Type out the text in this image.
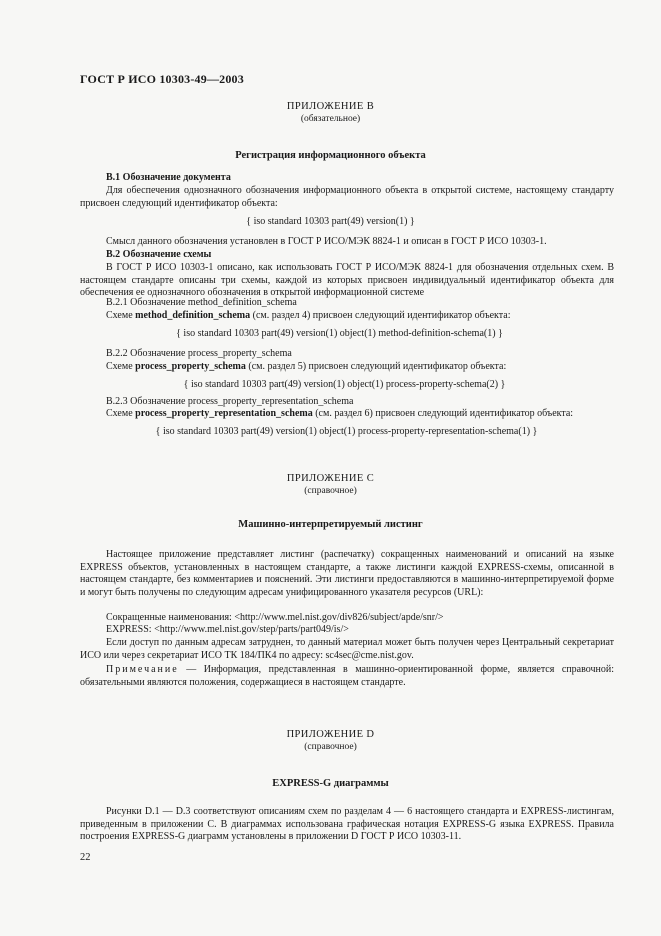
ГОСТ Р ИСО 10303-49—2003
ПРИЛОЖЕНИЕ B
(обязательное)
Регистрация информационного объекта
B.1 Обозначение документа
Для обеспечения однозначного обозначения информационного объекта в открытой системе, настоящему стандарту присвоен следующий идентификатор объекта:
{ iso standard 10303 part(49) version(1) }
Смысл данного обозначения установлен в ГОСТ Р ИСО/МЭК 8824-1 и описан в ГОСТ Р ИСО 10303-1.
B.2 Обозначение схемы
В ГОСТ Р ИСО 10303-1 описано, как использовать ГОСТ Р ИСО/МЭК 8824-1 для обозначения отдельных схем. В настоящем стандарте описаны три схемы, каждой из которых присвоен индивидуальный идентификатор объекта для обеспечения ее однозначного обозначения в открытой информационной системе
B.2.1 Обозначение method_definition_schema
Схеме method_definition_schema (см. раздел 4) присвоен следующий идентификатор объекта:
{ iso standard 10303 part(49) version(1) object(1) method-definition-schema(1) }
B.2.2 Обозначение process_property_schema
Схеме process_property_schema (см. раздел 5) присвоен следующий идентификатор объекта:
{ iso standard 10303 part(49) version(1) object(1) process-property-schema(2) }
B.2.3 Обозначение process_property_representation_schema
Схеме process_property_representation_schema (см. раздел 6) присвоен следующий идентификатор объекта:
{ iso standard 10303 part(49) version(1) object(1) process-property-representation-schema(1) }
ПРИЛОЖЕНИЕ C
(справочное)
Машинно-интерпретируемый листинг
Настоящее приложение представляет листинг (распечатку) сокращенных наименований и описаний на языке EXPRESS объектов, установленных в настоящем стандарте, а также листинги каждой EXPRESS-схемы, описанной в настоящем стандарте, без комментариев и пояснений. Эти листинги предоставляются в машинно-интерпретируемой форме и могут быть получены по следующим адресам унифицированного указателя ресурсов (URL):
Сокращенные наименования: <http://www.mel.nist.gov/div826/subject/apde/snr/>
EXPRESS: <http://www.mel.nist.gov/step/parts/part049/is/>
Если доступ по данным адресам затруднен, то данный материал может быть получен через Центральный секретариат ИСО или через секретариат ИСО ТК 184/ПК4 по адресу: sc4sec@cme.nist.gov.
Примечание — Информация, представленная в машинно-ориентированной форме, является справочной: обязательными являются положения, содержащиеся в настоящем стандарте.
ПРИЛОЖЕНИЕ D
(справочное)
EXPRESS-G диаграммы
Рисунки D.1 — D.3 соответствуют описаниям схем по разделам 4 — 6 настоящего стандарта и EXPRESS-листингам, приведенным в приложении C. В диаграммах использована графическая нотация EXPRESS-G языка EXPRESS. Правила построения EXPRESS-G диаграмм установлены в приложении D ГОСТ Р ИСО 10303-11.
22
